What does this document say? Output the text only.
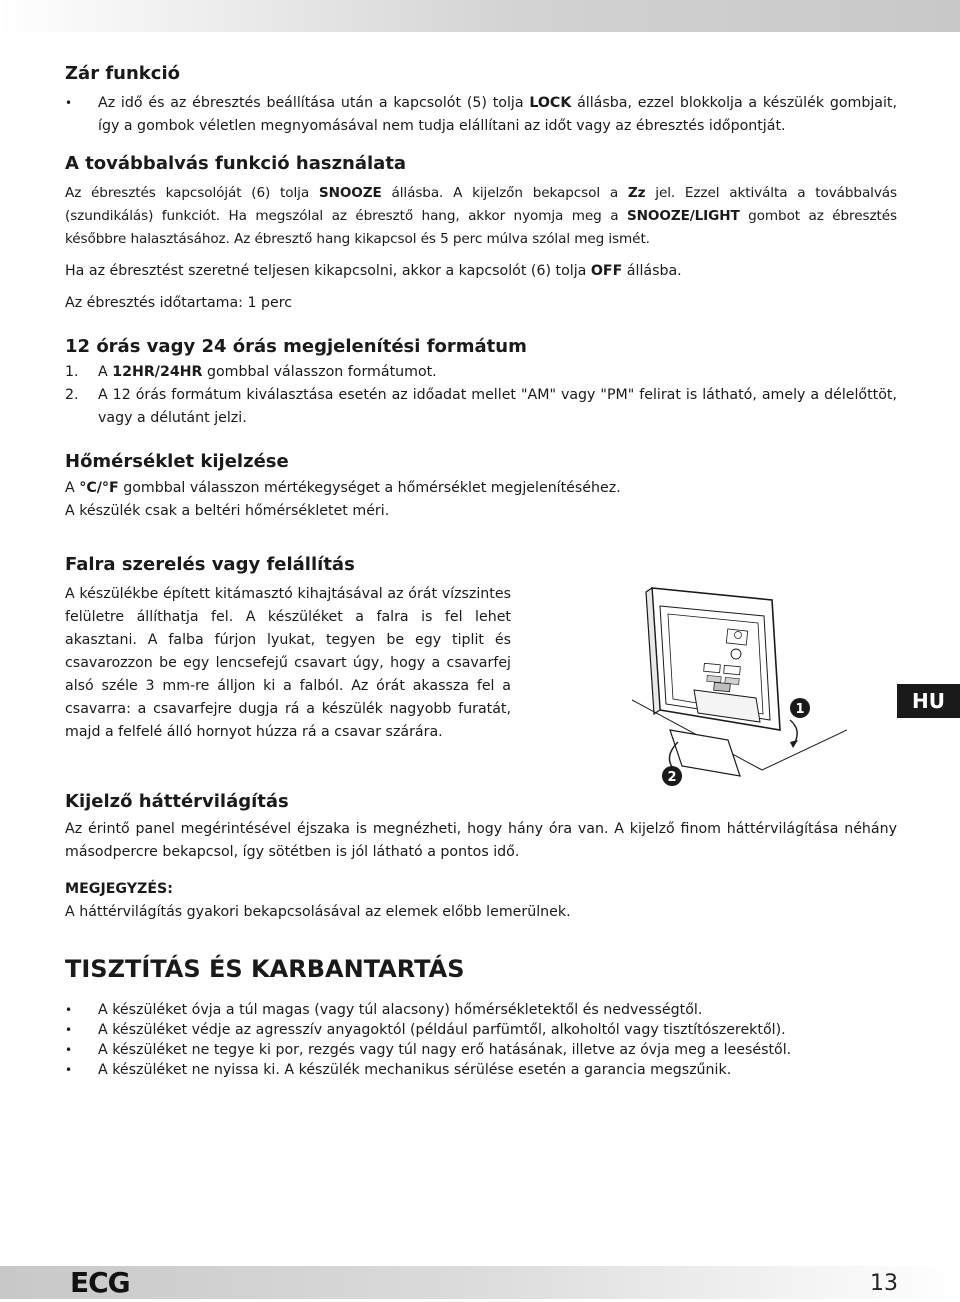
Zár funkció
• Az idő és az ébresztés beállítása után a kapcsolót (5) tolja LOCK állásba, ezzel blokkolja a készülék gombjait, így a gombok véletlen megnyomásával nem tudja elállítani az időt vagy az ébresztés időpontját.
A továbbalvás funkció használata

Az ébresztés kapcsolóját (6) tolja SNOOZE állásba. A kijelzőn bekapcsol a Zz jel. Ezzel aktiválta a továbbalvás (szundikálás) funkciót. Ha megszólal az ébresztő hang, akkor nyomja meg a SNOOZE/LIGHT gombot az ébresztés későbbre halasztásához. Az ébresztő hang kikapcsol és 5 perc múlva szólal meg ismét.

Ha az ébresztést szeretné teljesen kikapcsolni, akkor a kapcsolót (6) tolja OFF állásba.

Az ébresztés időtartama: 1 perc

12 órás vagy 24 órás megjelenítési formátum
1. A 12HR/24HR gombbal válasszon formátumot.
2. A 12 órás formátum kiválasztása esetén az időadat mellet "AM" vagy "PM" felirat is látható, amely a délelőttöt, vagy a délutánt jelzi.
Hőmérséklet kijelzése

A °C/°F gombbal válasszon mértékegységet a hőmérséklet megjelenítéséhez.

A készülék csak a beltéri hőmérsékletet méri.

Falra szerelés vagy felállítás

A készülékbe épített kitámasztó kihajtásával az órát vízszintes felületre állíthatja fel. A készüléket a falra is fel lehet akasztani. A falba fúrjon lyukat, tegyen be egy tiplit és csavarozzon be egy lencsefejű csavart úgy, hogy a csavarfej alsó széle 3 mm-re álljon ki a falból. Az órát akassza fel a csavarra: a csavarfejre dugja rá a készülék nagyobb furatát, majd a felfelé álló hornyot húzza rá a csavar szárára.

Kijelző háttérvilágítás

Az érintő panel megérintésével éjszaka is megnézheti, hogy hány óra van. A kijelző finom háttérvilágítása néhány másodpercre bekapcsol, így sötétben is jól látható a pontos idő.

MEGJEGYZÉS:

A háttérvilágítás gyakori bekapcsolásával az elemek előbb lemerülnek.

TISZTÍTÁS ÉS KARBANTARTÁS
• A készüléket óvja a túl magas (vagy túl alacsony) hőmérsékletektől és nedvességtől.
• A készüléket védje az agresszív anyagoktól (például parfümtől, alkoholtól vagy tisztítószerektől).
• A készüléket ne tegye ki por, rezgés vagy túl nagy erő hatásának, illetve az óvja meg a leeséstől.
• A készüléket ne nyissa ki. A készülék mechanikus sérülése esetén a garancia megszűnik.
1
2
HU
ECG	13
